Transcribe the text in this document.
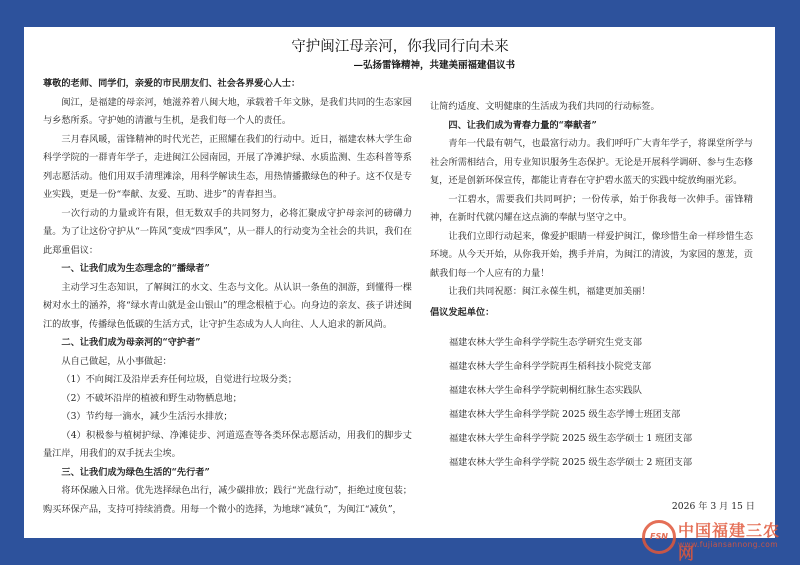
守护闽江母亲河，你我同行向未来
—弘扬雷锋精神，共建美丽福建倡议书

尊敬的老师、同学们，亲爱的市民朋友们、社会各界爱心人士：

闽江，是福建的母亲河，她滋养着八闽大地，承载着千年文脉，是我们共同的生态家园与乡愁所系。守护她的清澈与生机，是我们每一个人的责任。

三月春风暖，雷锋精神的时代光芒，正照耀在我们的行动中。近日，福建农林大学生命科学学院的一群青年学子，走进闽江公园南园，开展了净滩护绿、水质监测、生态科普等系列志愿活动。他们用双手清理滩涂，用科学解读生态，用热情播撒绿色的种子。这不仅是专业实践，更是一份“奉献、友爱、互助、进步”的青春担当。

一次行动的力量或许有限，但无数双手的共同努力，必将汇聚成守护母亲河的磅礴力量。为了让这份守护从“一阵风”变成“四季风”，从一群人的行动变为全社会的共识，我们在此郑重倡议：

一、让我们成为生态理念的“播绿者”

主动学习生态知识，了解闽江的水文、生态与文化。从认识一条鱼的洄游，到懂得一棵树对水土的涵养，将“绿水青山就是金山银山”的理念根植于心。向身边的亲友、孩子讲述闽江的故事，传播绿色低碳的生活方式，让守护生态成为人人向往、人人追求的新风尚。

二、让我们成为母亲河的“守护者”

从自己做起，从小事做起：

（1）不向闽江及沿岸丢弃任何垃圾，自觉进行垃圾分类；

（2）不破坏沿岸的植被和野生动物栖息地；

（3）节约每一滴水，减少生活污水排放；

（4）积极参与植树护绿、净滩徒步、河道巡查等各类环保志愿活动，用我们的脚步丈量江岸，用我们的双手抚去尘埃。

三、让我们成为绿色生活的“先行者”

将环保融入日常。优先选择绿色出行，减少碳排放；践行“光盘行动”，拒绝过度包装；购买环保产品，支持可持续消费。用每一个微小的选择，为地球“减负”，为闽江“减负”，

让简约适度、文明健康的生活成为我们共同的行动标签。

四、让我们成为青春力量的“奉献者”

青年一代最有朝气，也最富行动力。我们呼吁广大青年学子，将课堂所学与社会所需相结合，用专业知识服务生态保护。无论是开展科学调研、参与生态修复，还是创新环保宣传，都能让青春在守护碧水蓝天的实践中绽放绚丽光彩。

一江碧水，需要我们共同呵护；一份传承，始于你我每一次伸手。雷锋精神，在新时代就闪耀在这点滴的奉献与坚守之中。

让我们立即行动起来，像爱护眼睛一样爱护闽江，像珍惜生命一样珍惜生态环境。从今天开始，从你我开始，携手并肩，为闽江的清波，为家园的葱茏，贡献我们每一个人应有的力量！

让我们共同祝愿：闽江永葆生机，福建更加美丽！

倡议发起单位：
福建农林大学生命科学学院生态学研究生党支部
福建农林大学生命科学学院再生稻科技小院党支部
福建农林大学生命科学学院刺桐红脉生态实践队
福建农林大学生命科学学院 2025 级生态学博士班团支部
福建农林大学生命科学学院 2025 级生态学硕士 1 班团支部
福建农林大学生命科学学院 2025 级生态学硕士 2 班团支部
2026 年 3 月 15 日
FSN 中国福建三农网
www.fujiansannong.com
